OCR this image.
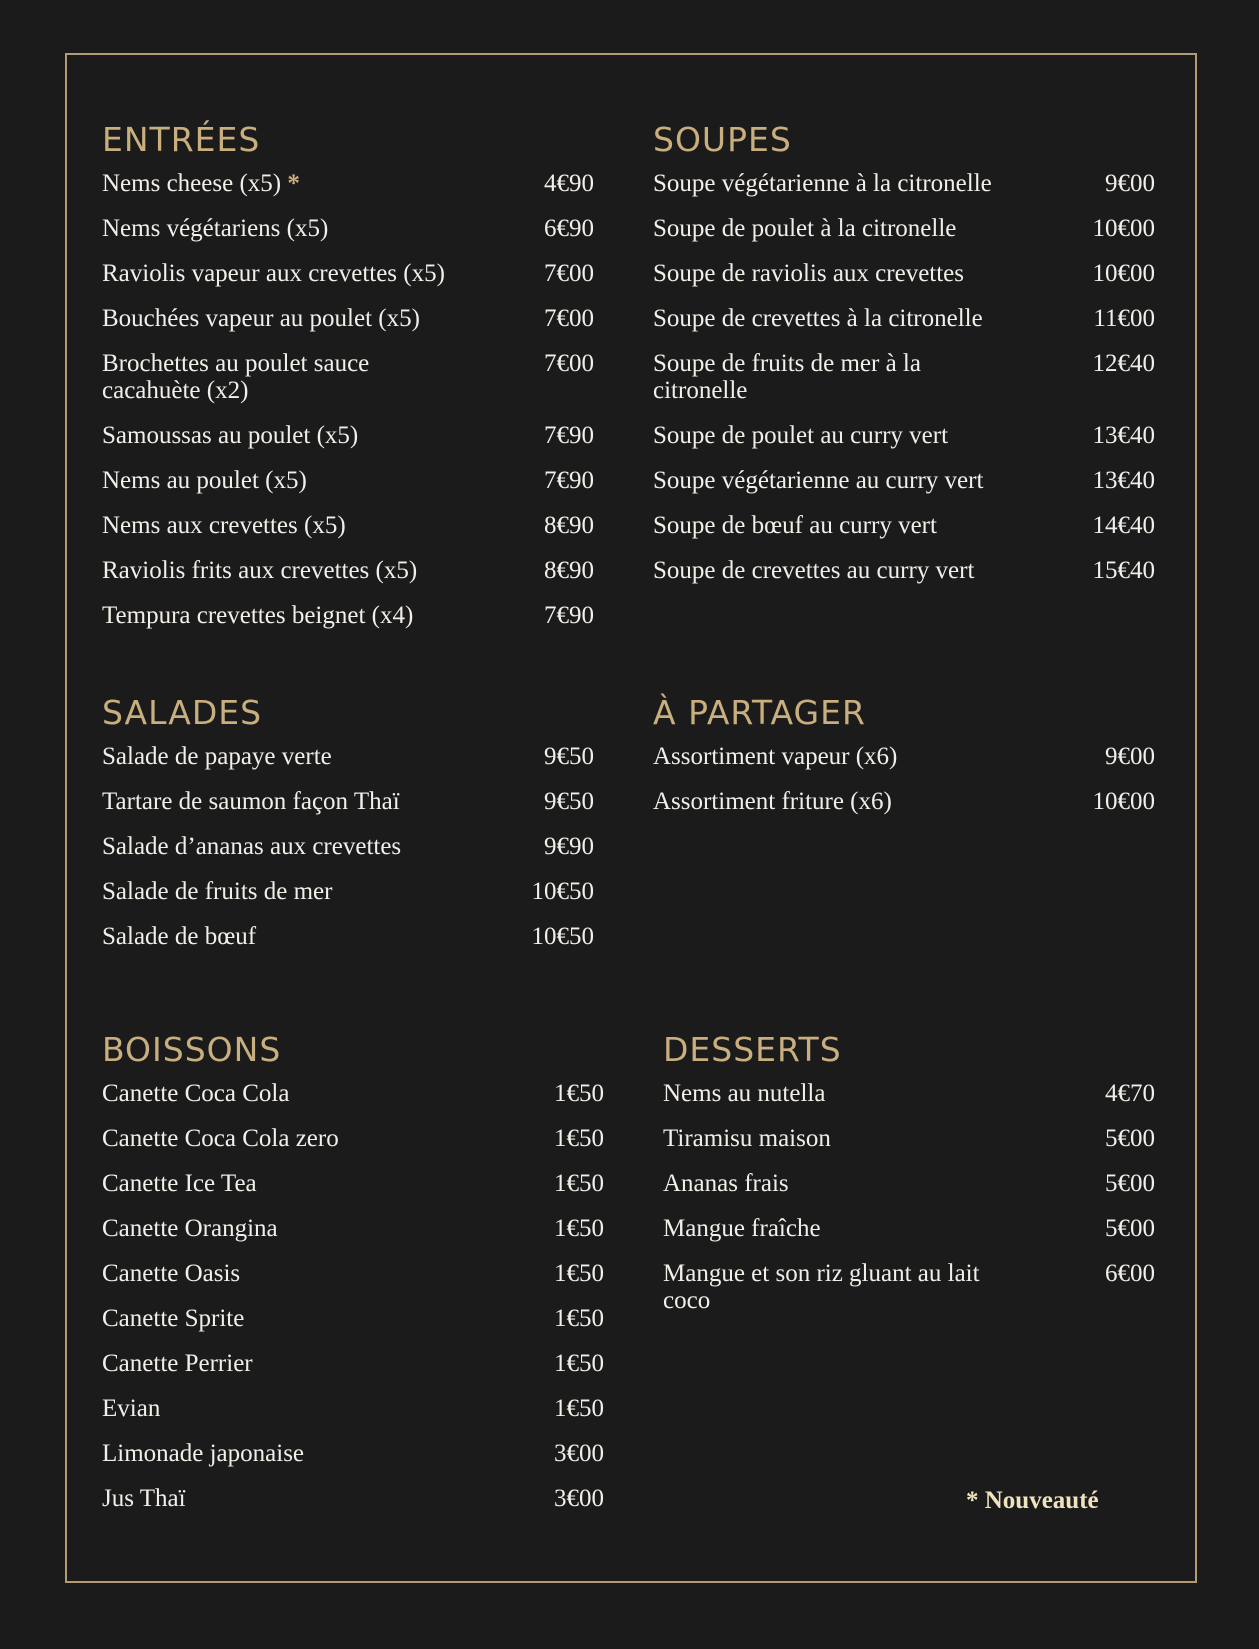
ENTRÉES
Nems cheese (x5) *	4€90
Nems végétariens (x5)	6€90
Raviolis vapeur aux crevettes (x5)	7€00
Bouchées vapeur au poulet (x5)	7€00
Brochettes au poulet sauce cacahuète (x2)
7€00
Samoussas au poulet (x5)	7€90
Nems au poulet (x5)	7€90
Nems aux crevettes (x5)	8€90
Raviolis frits aux crevettes (x5)	8€90
Tempura crevettes beignet (x4)	7€90
SOUPES
Soupe végétarienne à la citronelle	9€00
Soupe de poulet à la citronelle	10€00
Soupe de raviolis aux crevettes	10€00
Soupe de crevettes à la citronelle	11€00
Soupe de fruits de mer à la citronelle
12€40
Soupe de poulet au curry vert	13€40
Soupe végétarienne au curry vert	13€40
Soupe de bœuf au curry vert	14€40
Soupe de crevettes au curry vert	15€40
SALADES
Salade de papaye verte	9€50
Tartare de saumon façon Thaï	9€50
Salade d’ananas aux crevettes	9€90
Salade de fruits de mer	10€50
Salade de bœuf	10€50
À PARTAGER
Assortiment vapeur (x6)	9€00
Assortiment friture (x6)	10€00
BOISSONS
Canette Coca Cola	1€50
Canette Coca Cola zero	1€50
Canette Ice Tea	1€50
Canette Orangina	1€50
Canette Oasis	1€50
Canette Sprite	1€50
Canette Perrier	1€50
Evian	1€50
Limonade japonaise	3€00
Jus Thaï	3€00
DESSERTS
Nems au nutella	4€70
Tiramisu maison	5€00
Ananas frais	5€00
Mangue fraîche	5€00
Mangue et son riz gluant au lait coco
6€00
* Nouveauté
